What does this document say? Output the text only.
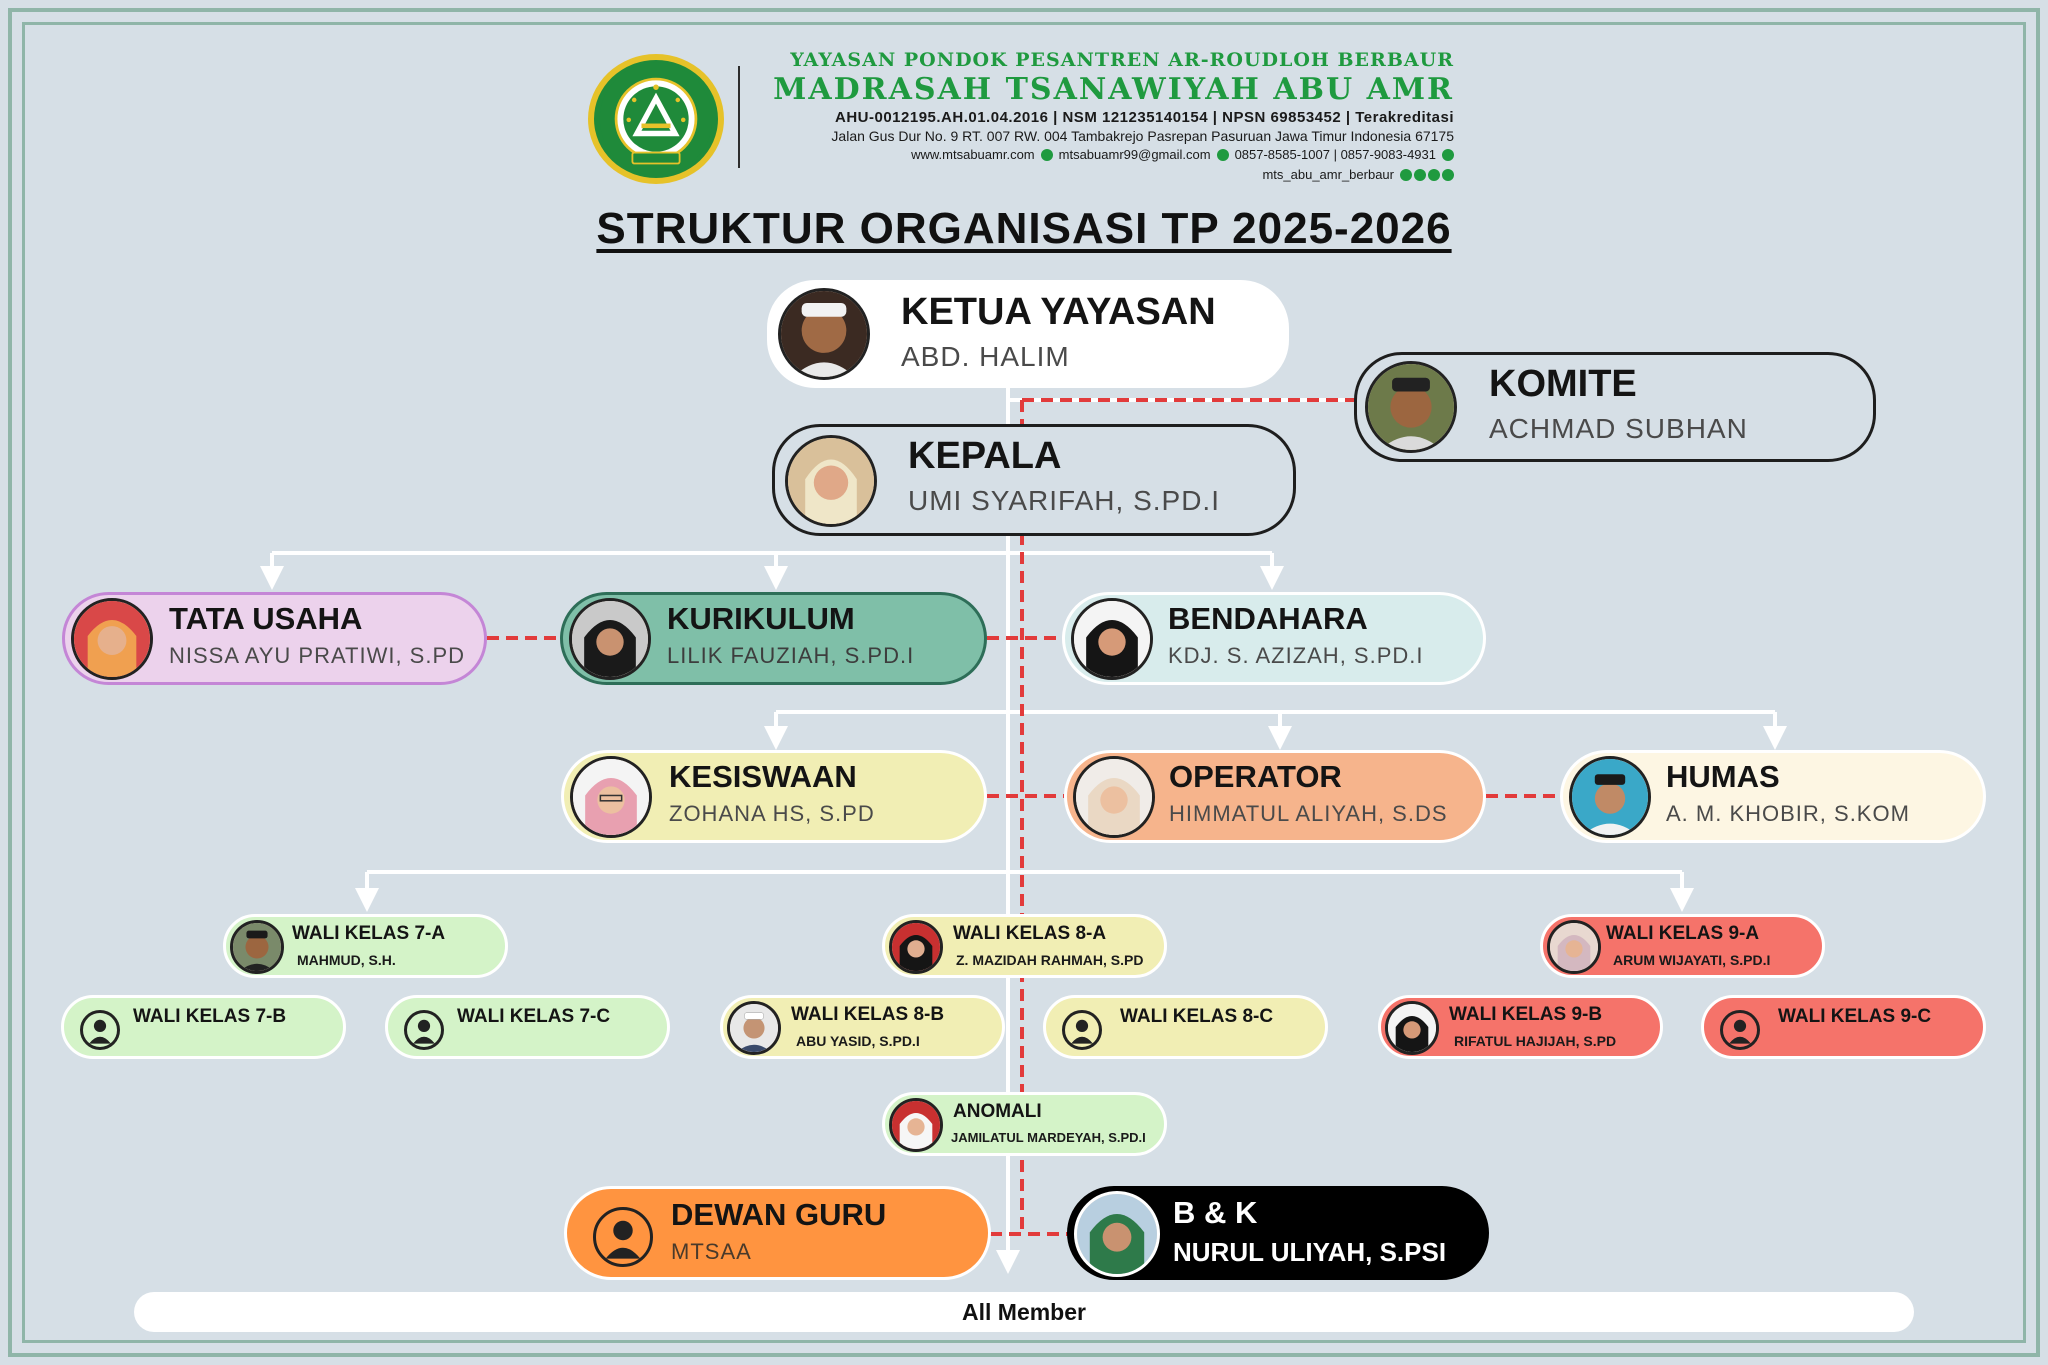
YAYASAN PONDOK PESANTREN AR-ROUDLOH BERBAUR
MADRASAH TSANAWIYAH ABU AMR
AHU-0012195.AH.01.04.2016 | NSM 121235140154 | NPSN 69853452 | Terakreditasi
Jalan Gus Dur No. 9 RT. 007 RW. 004 Tambakrejo Pasrepan Pasuruan Jawa Timur Indonesia 67175
www.mtsabuamr.com mtsabuamr99@gmail.com 0857-8585-1007 | 0857-9083-4931
mts_abu_amr_berbaur
STRUKTUR ORGANISASI TP 2025-2026
KETUA YAYASAN
ABD. HALIM
KOMITE
ACHMAD SUBHAN
KEPALA
UMI SYARIFAH, S.PD.I
TATA USAHA
NISSA AYU PRATIWI, S.PD
KURIKULUM
LILIK FAUZIAH, S.PD.I
BENDAHARA
KDJ. S. AZIZAH, S.PD.I
KESISWAAN
ZOHANA HS, S.PD
OPERATOR
HIMMATUL ALIYAH, S.DS
HUMAS
A. M. KHOBIR, S.KOM
WALI KELAS 7-A
MAHMUD, S.H.
WALI KELAS 7-B	WALI KELAS 7-C
WALI KELAS 8-A
Z. MAZIDAH RAHMAH, S.PD
WALI KELAS 8-B
ABU YASID, S.PD.I
WALI KELAS 8-C
WALI KELAS 9-A
ARUM WIJAYATI, S.PD.I
WALI KELAS 9-B
RIFATUL HAJIJAH, S.PD
WALI KELAS 9-C
ANOMALI
JAMILATUL MARDEYAH, S.PD.I
DEWAN GURU
MTSAA
B & K
NURUL ULIYAH, S.PSI
All Member
